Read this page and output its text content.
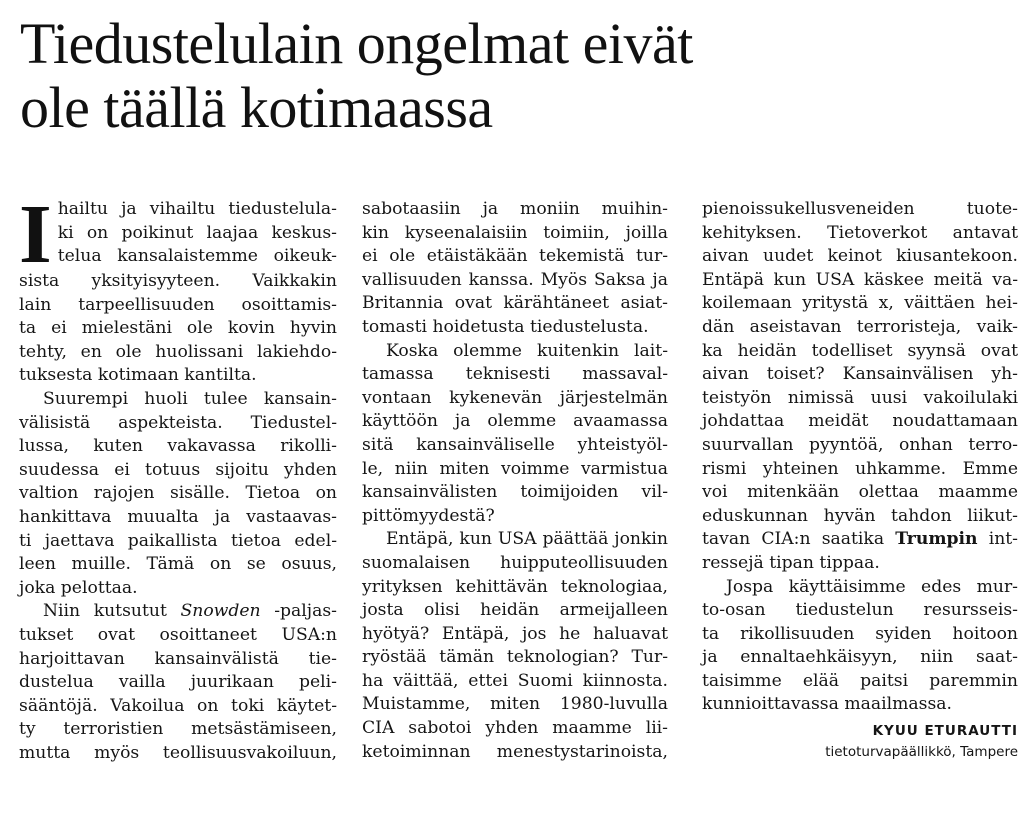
Tiedustelulain ongelmat eivät
ole täällä kotimaassa
I hailtu ja vihailtu tiedustelula-
ki on poikinut laajaa keskus-
telua kansalaistemme oikeuk-
sista yksityisyyteen. Vaikkakin
lain tarpeellisuuden osoittamis-
ta ei mielestäni ole kovin hyvin
tehty, en ole huolissani lakiehdo-
tuksesta kotimaan kantilta.
Suurempi huoli tulee kansain-
välisistä aspekteista. Tiedustel-
lussa, kuten vakavassa rikolli-
suudessa ei totuus sijoitu yhden
valtion rajojen sisälle. Tietoa on
hankittava muualta ja vastaavas-
ti jaettava paikallista tietoa edel-
leen muille. Tämä on se osuus,
joka pelottaa.
Niin kutsutut Snowden -paljas-
tukset ovat osoittaneet USA:n
harjoittavan kansainvälistä tie-
dustelua vailla juurikaan peli-
sääntöjä. Vakoilua on toki käytet-
ty terroristien metsästämiseen,
mutta myös teollisuusvakoiluun,
sabotaasiin ja moniin muihin-
kin kyseenalaisiin toimiin, joilla
ei ole etäistäkään tekemistä tur-
vallisuuden kanssa. Myös Saksa ja
Britannia ovat kärähtäneet asiat-
tomasti hoidetusta tiedustelusta.
Koska olemme kuitenkin lait-
tamassa teknisesti massaval-
vontaan kykenevän järjestelmän
käyttöön ja olemme avaamassa
sitä kansainväliselle yhteistyöl-
le, niin miten voimme varmistua
kansainvälisten toimijoiden vil-
pittömyydestä?
Entäpä, kun USA päättää jonkin
suomalaisen huipputeollisuuden
yrityksen kehittävän teknologiaa,
josta olisi heidän armeijalleen
hyötyä? Entäpä, jos he haluavat
ryöstää tämän teknologian? Tur-
ha väittää, ettei Suomi kiinnosta.
Muistamme, miten 1980-luvulla
CIA sabotoi yhden maamme lii-
ketoiminnan menestystarinoista,
pienoissukellusveneiden tuote-
kehityksen. Tietoverkot antavat
aivan uudet keinot kiusantekoon.
Entäpä kun USA käskee meitä va-
koilemaan yritystä x, väittäen hei-
dän aseistavan terroristeja, vaik-
ka heidän todelliset syynsä ovat
aivan toiset? Kansainvälisen yh-
teistyön nimissä uusi vakoilulaki
johdattaa meidät noudattamaan
suurvallan pyyntöä, onhan terro-
rismi yhteinen uhkamme. Emme
voi mitenkään olettaa maamme
eduskunnan hyvän tahdon liikut-
tavan CIA:n saatika Trumpin int-
ressejä tipan tippaa.
Jospa käyttäisimme edes mur-
to-osan tiedustelun resursseis-
ta rikollisuuden syiden hoitoon
ja ennaltaehkäisyyn, niin saat-
taisimme elää paitsi paremmin
kunnioittavassa maailmassa.
KYUU ETURAUTTI
tietoturvapäällikkö, Tampere
